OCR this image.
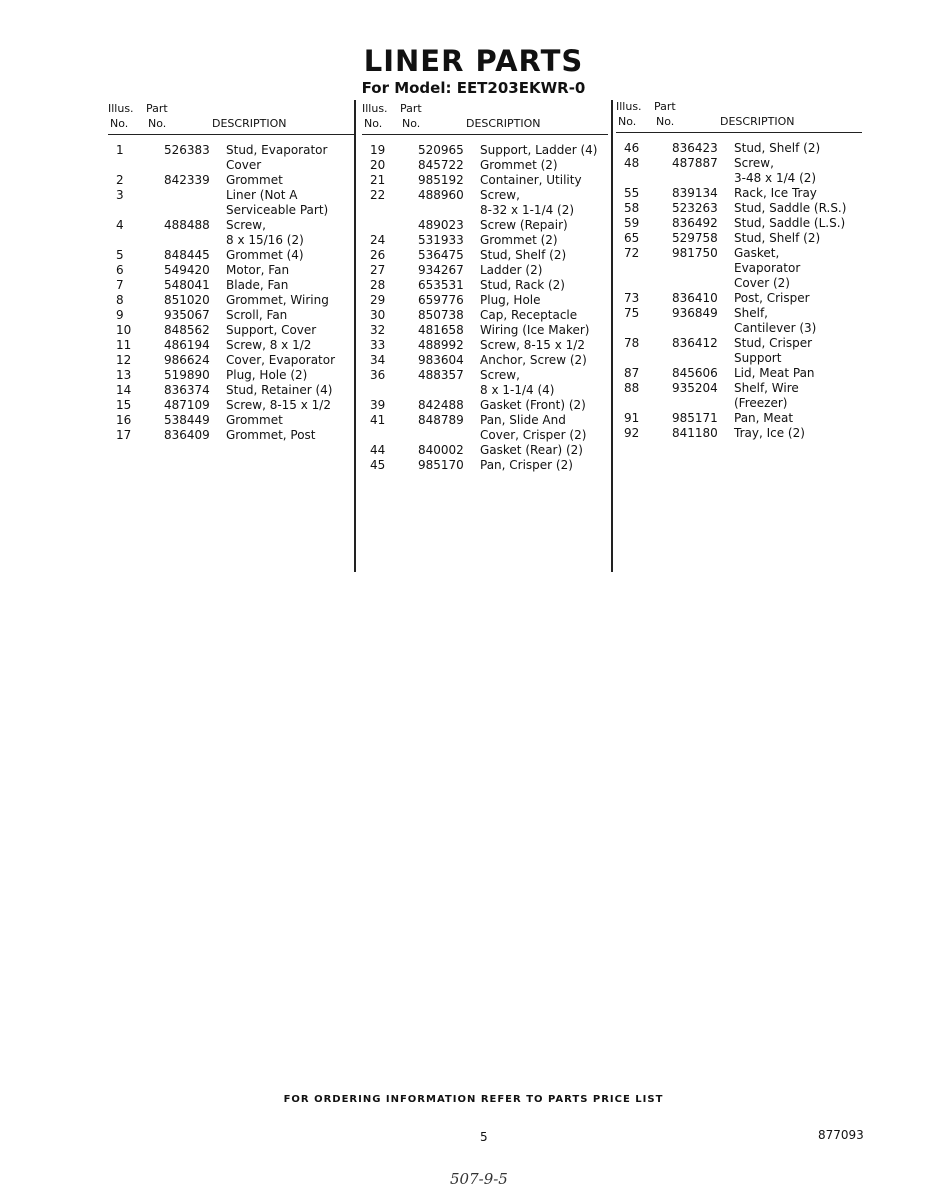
LINER PARTS
For Model: EET203EKWR-0
Illus. Part
No. No.	DESCRIPTION
1	526383 Stud, Evaporator
Cover
2	842339 Grommet
3	Liner (Not A
Serviceable Part)
4	488488 Screw,
8 x 15/16 (2)
5	848445 Grommet (4)
6	549420 Motor, Fan
7	548041 Blade, Fan
8	851020 Grommet, Wiring
9	935067 Scroll, Fan
10	848562 Support, Cover
11	486194 Screw, 8 x 1/2
12	986624 Cover, Evaporator
13	519890 Plug, Hole (2)
14	836374 Stud, Retainer (4)
15	487109 Screw, 8-15 x 1/2
16	538449 Grommet
17	836409 Grommet, Post
Illus. Part
No. No.	DESCRIPTION
19	520965 Support, Ladder (4)
20	845722 Grommet (2)
21	985192 Container, Utility
22	488960 Screw,
8-32 x 1-1/4 (2)
489023 Screw (Repair)
24	531933 Grommet (2)
26	536475 Stud, Shelf (2)
27	934267 Ladder (2)
28	653531 Stud, Rack (2)
29	659776 Plug, Hole
30	850738 Cap, Receptacle
32	481658 Wiring (Ice Maker)
33	488992 Screw, 8-15 x 1/2
34	983604 Anchor, Screw (2)
36	488357 Screw,
8 x 1-1/4 (4)
39	842488 Gasket (Front) (2)
41	848789 Pan, Slide And
Cover, Crisper (2)
44	840002 Gasket (Rear) (2)
45	985170 Pan, Crisper (2)
Illus. Part
No. No.	DESCRIPTION
46	836423 Stud, Shelf (2)
48	487887 Screw,
3-48 x 1/4 (2)
55	839134 Rack, Ice Tray
58	523263 Stud, Saddle (R.S.)
59	836492 Stud, Saddle (L.S.)
65	529758 Stud, Shelf (2)
72	981750 Gasket,
Evaporator
Cover (2)
73	836410 Post, Crisper
75	936849 Shelf,
Cantilever (3)
78	836412 Stud, Crisper
Support
87	845606 Lid, Meat Pan
88	935204 Shelf, Wire
(Freezer)
91	985171 Pan, Meat
92	841180 Tray, Ice (2)
FOR ORDERING INFORMATION REFER TO PARTS PRICE LIST
5	877093
507-9-5
